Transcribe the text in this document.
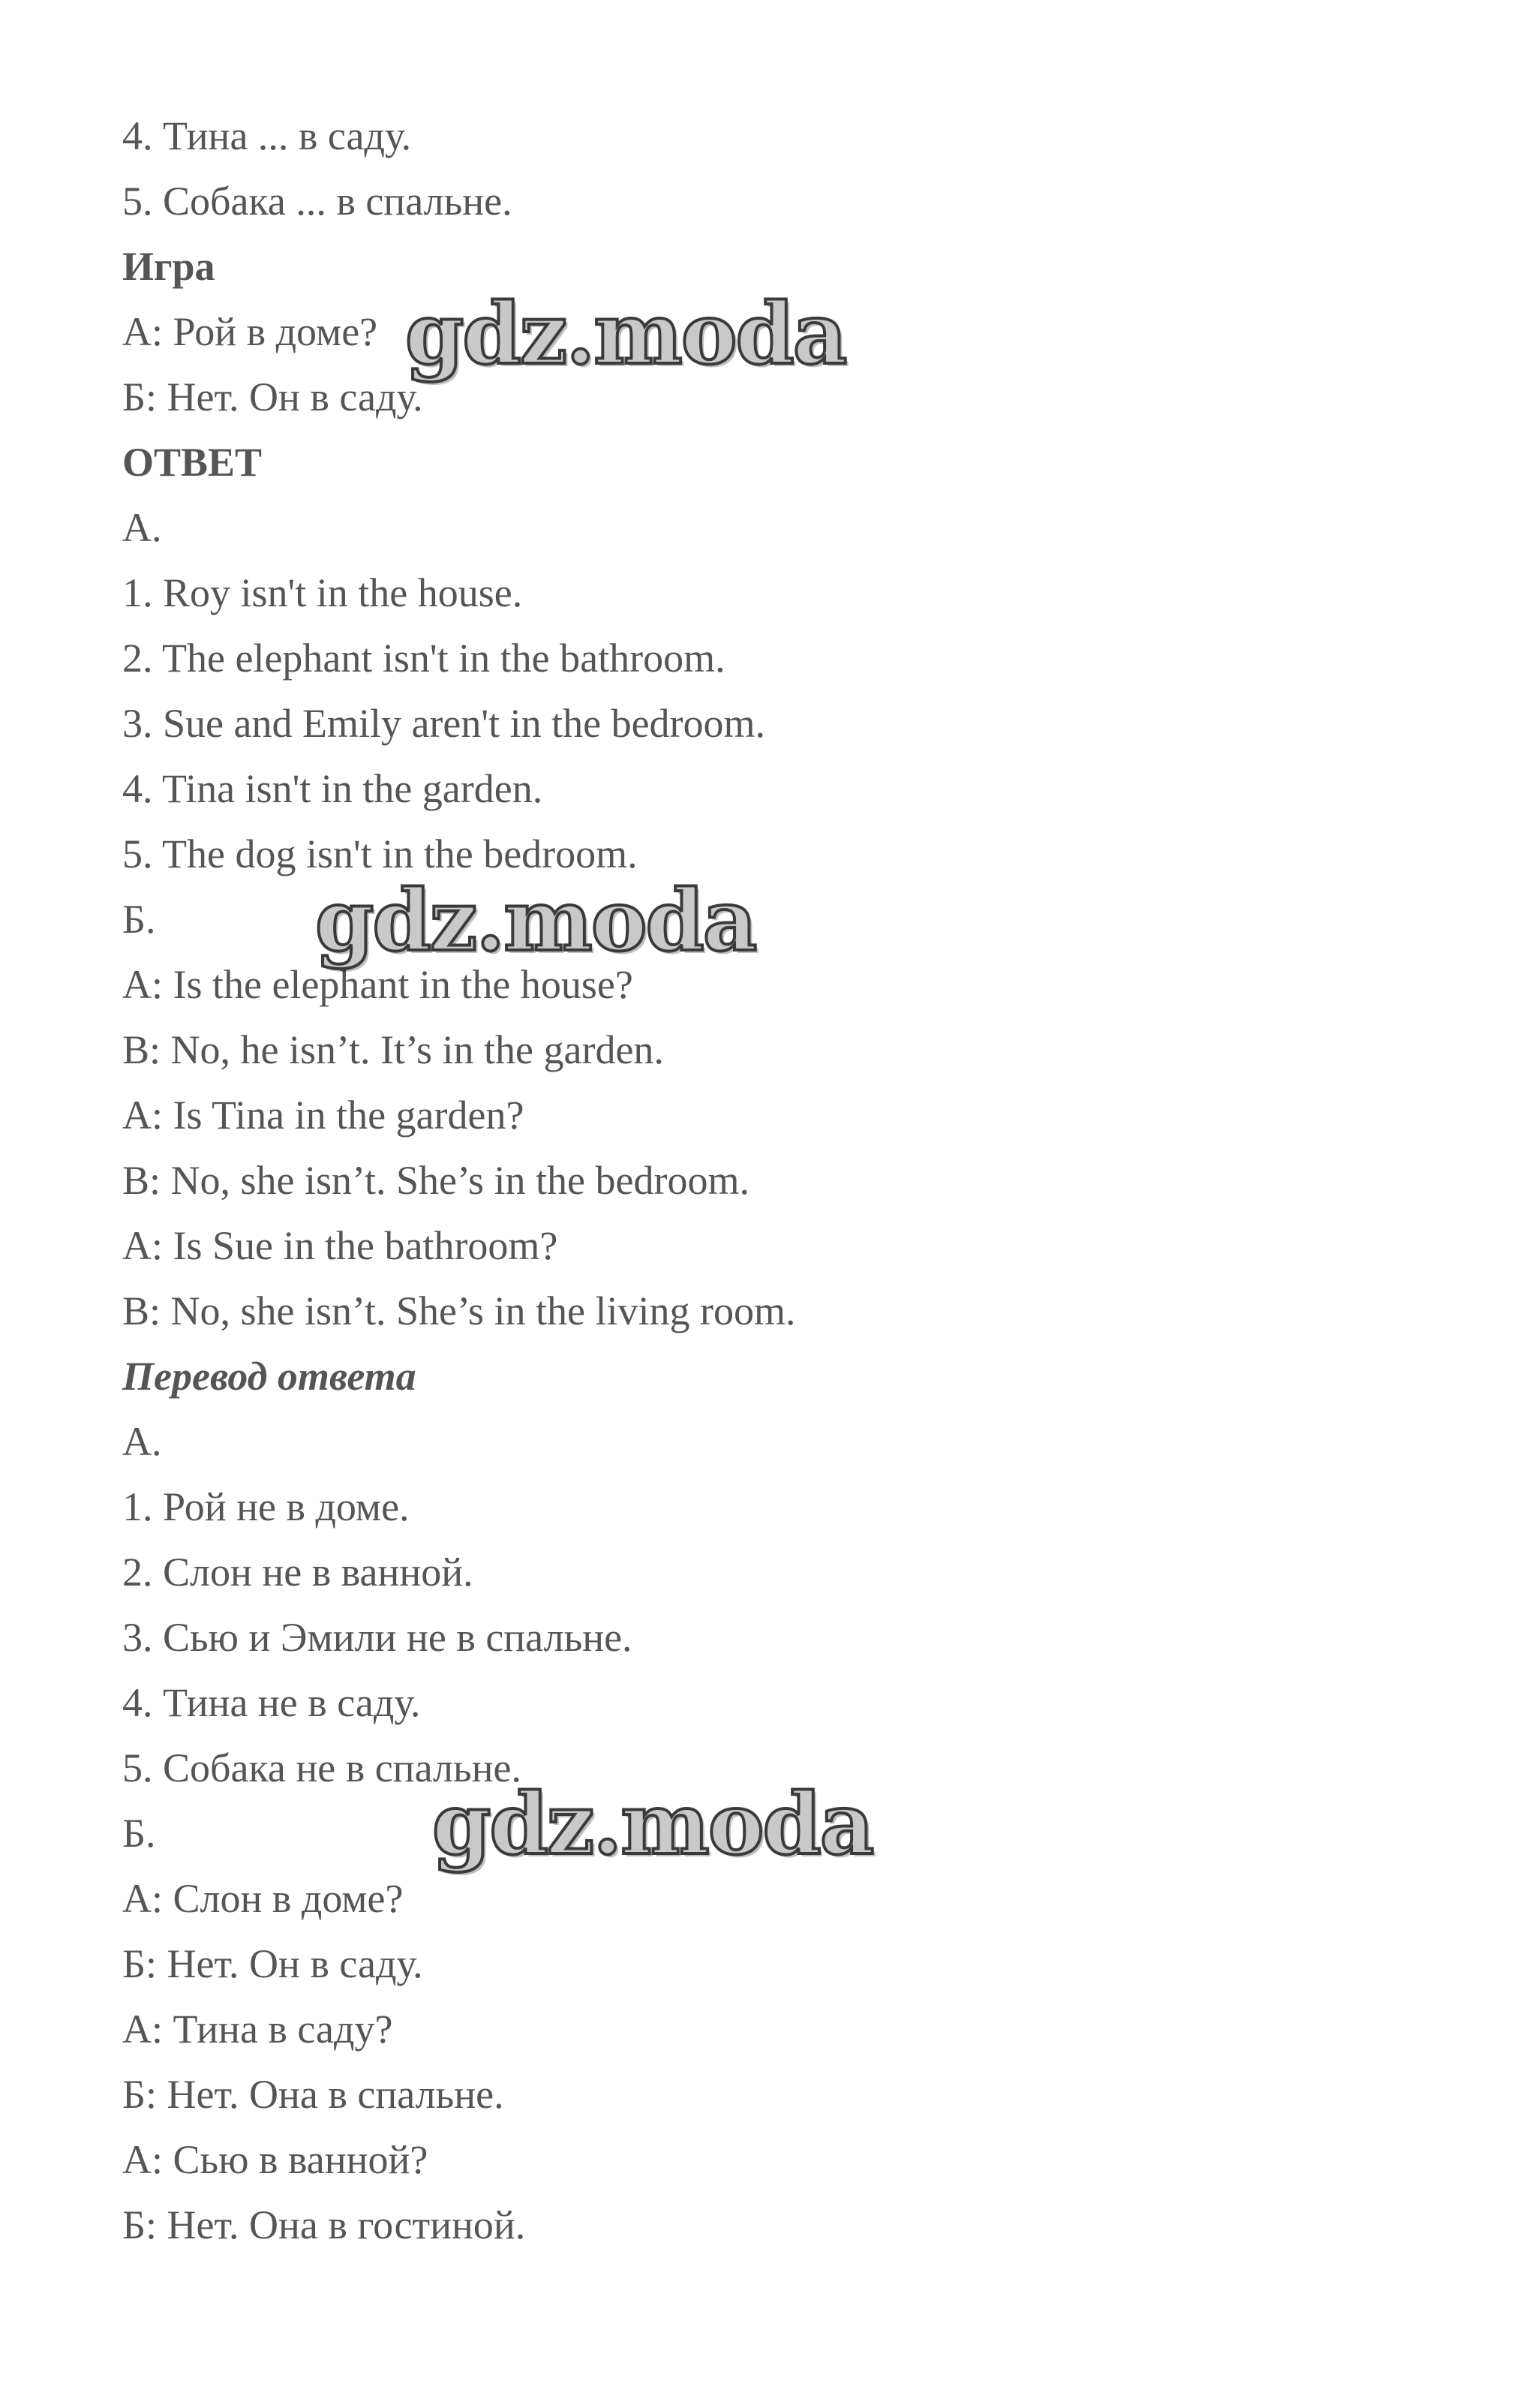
4. Тина ... в саду.
5. Собака ... в спальне.
Игра
А: Рой в доме?
Б: Нет. Он в саду.
ОТВЕТ
А.
1. Roy isn't in the house.
2. The elephant isn't in the bathroom.
3. Sue and Emily aren't in the bedroom.
4. Tina isn't in the garden.
5. The dog isn't in the bedroom.
Б.
A: Is the elephant in the house?
B: No, he isn’t. It’s in the garden.
A: Is Tina in the garden?
B: No, she isn’t. She’s in the bedroom.
A: Is Sue in the bathroom?
B: No, she isn’t. She’s in the living room.
Перевод ответа
А.
1. Рой не в доме.
2. Слон не в ванной.
3. Сью и Эмили не в спальне.
4. Тина не в саду.
5. Собака не в спальне.
Б.
А: Слон в доме?
Б: Нет. Он в саду.
А: Тина в саду?
Б: Нет. Она в спальне.
А: Сью в ванной?
Б: Нет. Она в гостиной.
gdz.moda
gdz.moda
gdz.moda
